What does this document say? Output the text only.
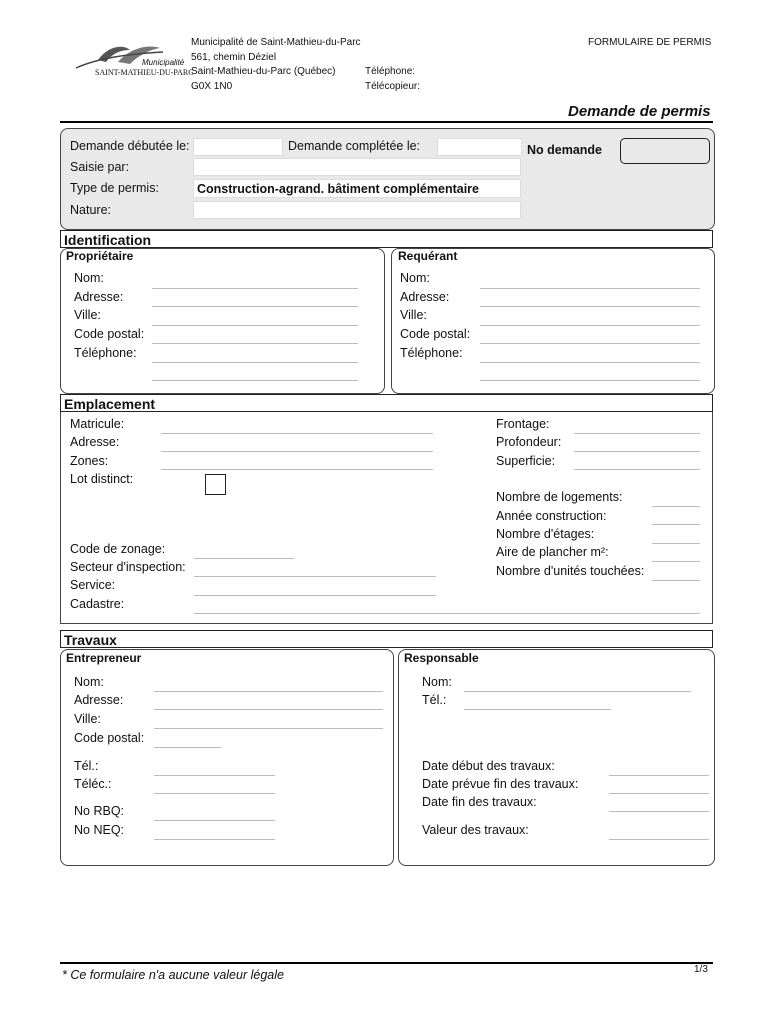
Municipalité
SAINT-MATHIEU-DU-PARC
Municipalité de Saint-Mathieu-du-Parc
561, chemin Déziel
Saint-Mathieu-du-Parc (Québec)
G0X 1N0
Téléphone:
Télécopieur:
FORMULAIRE DE PERMIS
Demande de permis
Demande débutée le:	Demande complétée le:	No demande
Saisie par:
Type de permis:	Construction-agrand. bâtiment complémentaire
Nature:
Identification
Propriétaire	Requérant
Nom:
Adresse:
Ville:
Code postal:
Téléphone:
Nom:
Adresse:
Ville:
Code postal:
Téléphone:
Emplacement
Matricule:
Adresse:
Zones:
Lot distinct:
Frontage:
Profondeur:
Superficie:
Nombre de logements:
Année construction:
Nombre d'étages:
Aire de plancher m²:
Nombre d'unités touchées:
Code de zonage:
Secteur d'inspection:
Service:
Cadastre:
Travaux
Entrepreneur	Responsable
Nom:
Adresse:
Ville:
Code postal:
Tél.:
Téléc.:
No RBQ:
No NEQ:
Nom:
Tél.:
Date début des travaux:
Date prévue fin des travaux:
Date fin des travaux:
Valeur des travaux:
* Ce formulaire n'a aucune valeur légale	1/3
